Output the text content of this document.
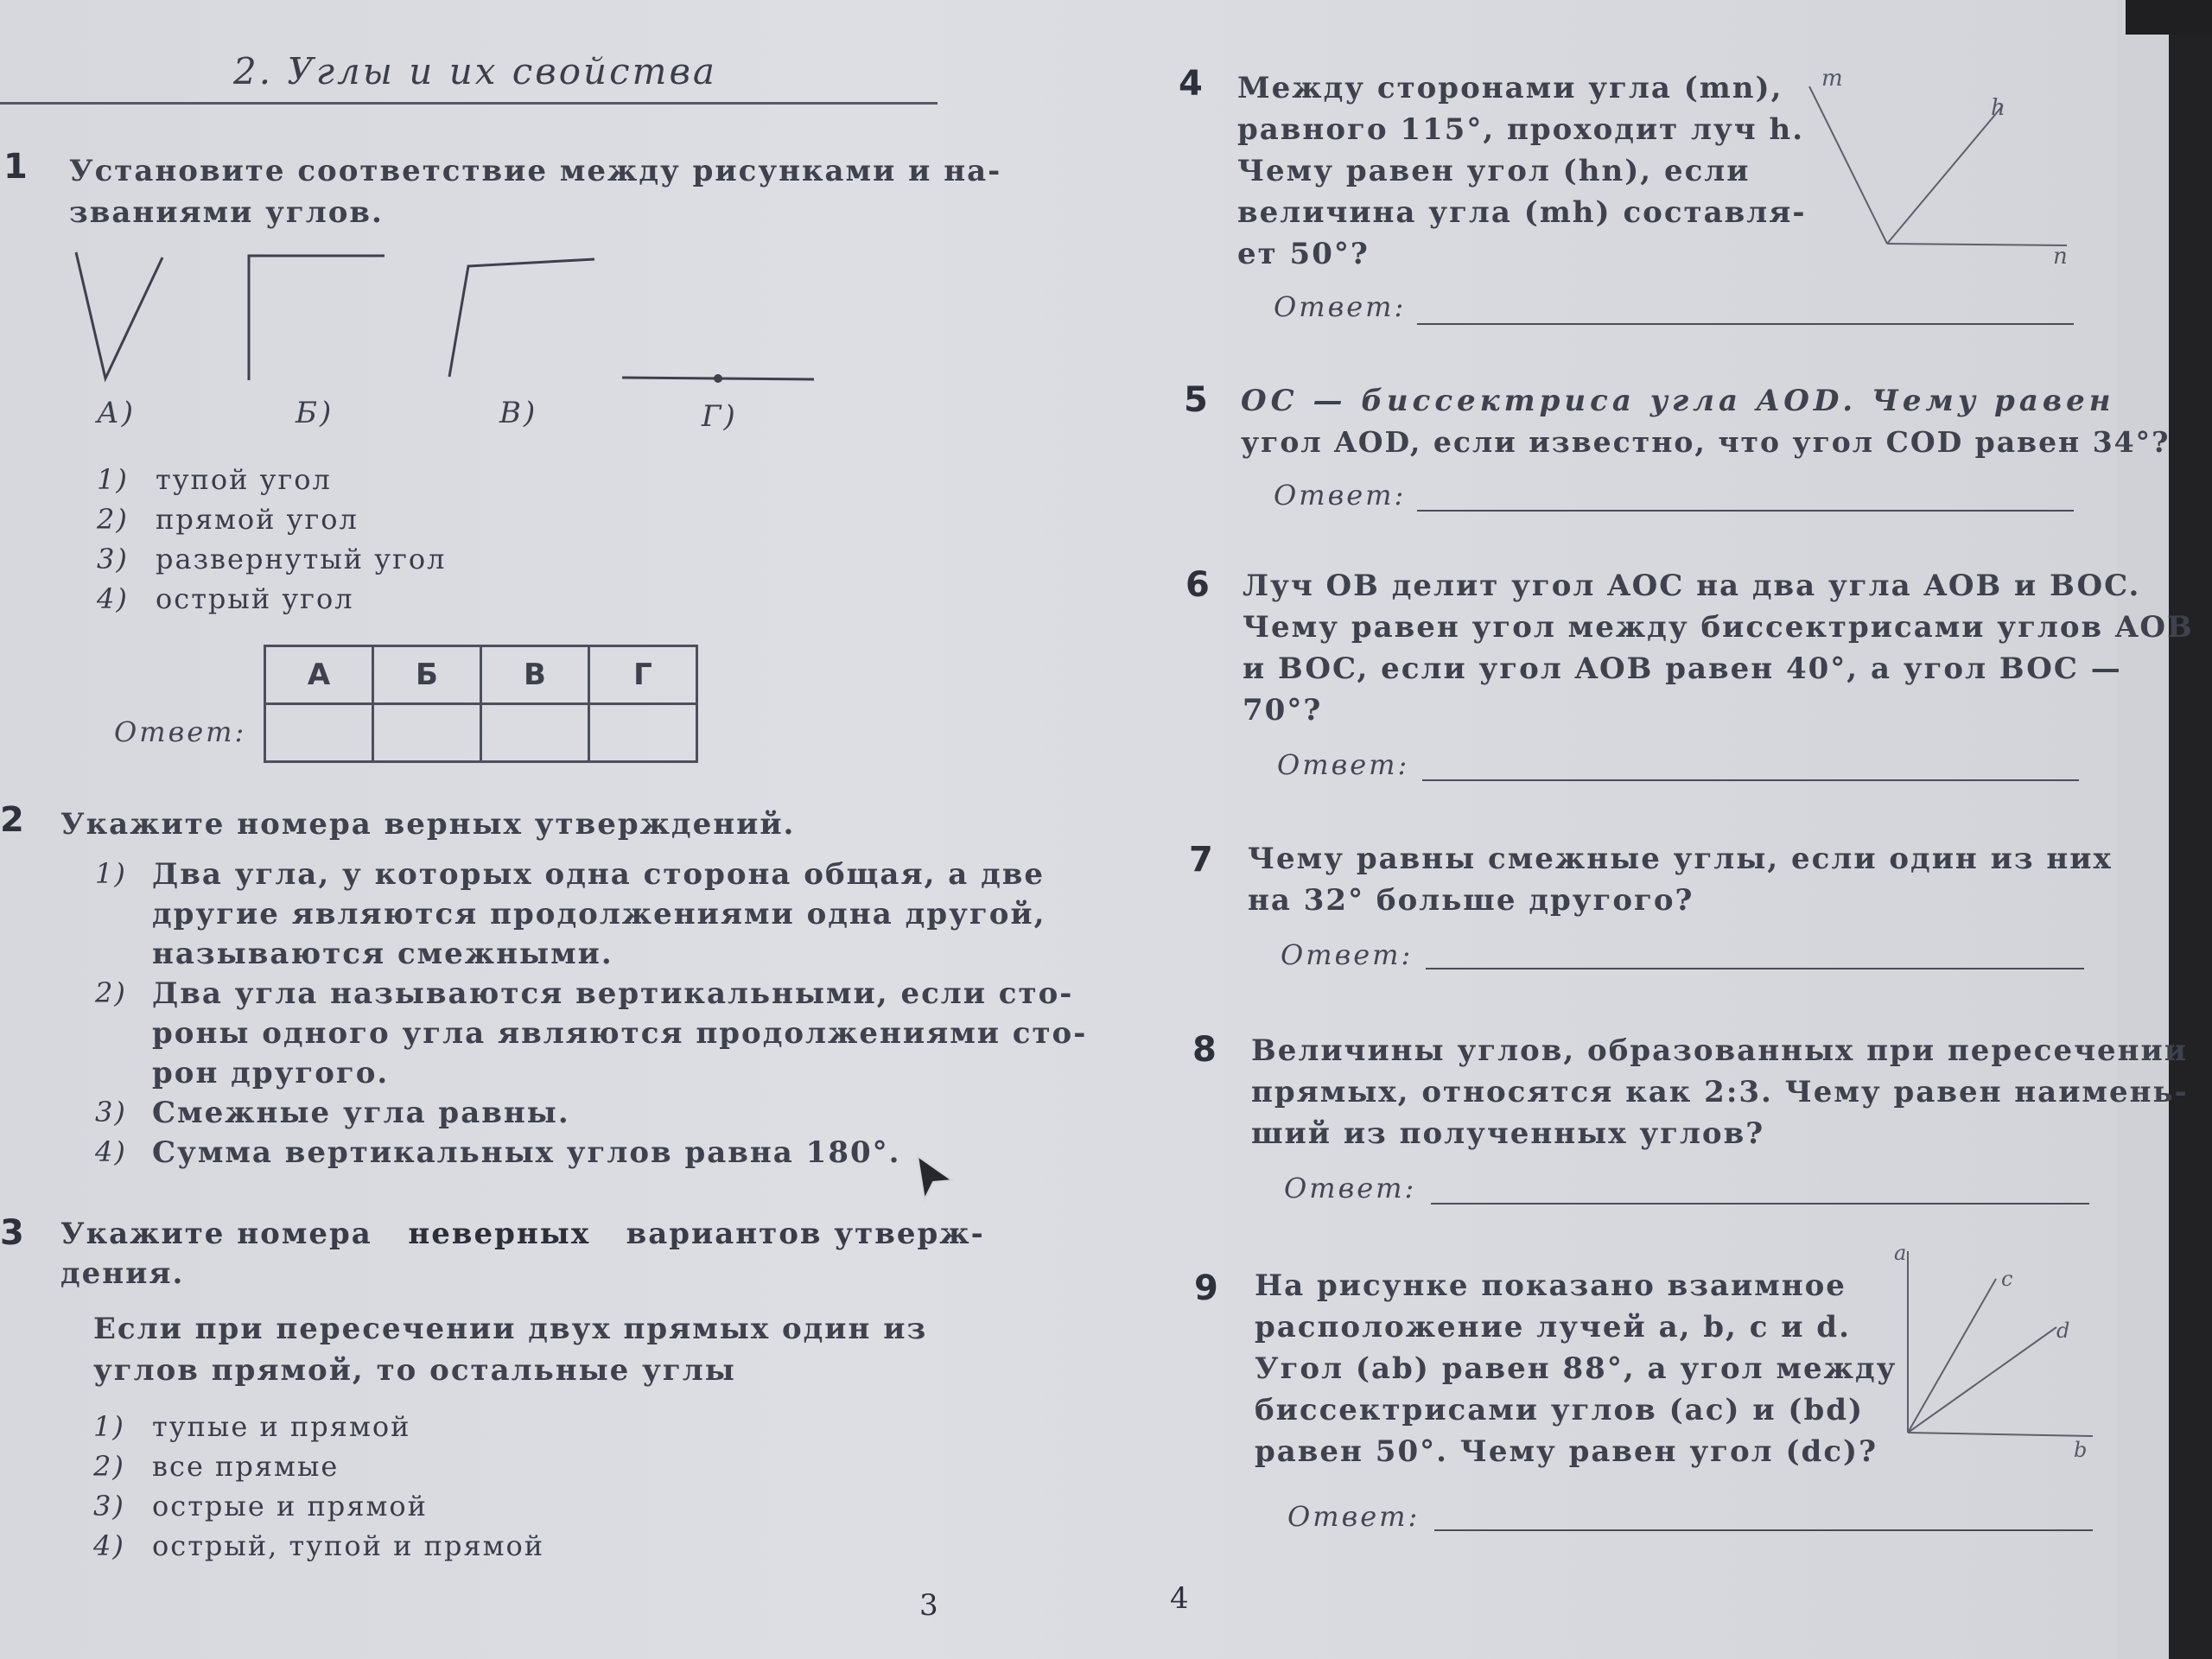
2. Углы и их свойства
1 Установите соответствие между рисунками и на-
званиями углов.
А)	Б)	В)	Г)
1) тупой угол
2) прямой угол
3) развернутый угол
4) острый угол
Ответ:
А	Б	В	Г

2 Укажите номера верных утверждений.
1) Два угла, у которых одна сторона общая, а две
другие являются продолжениями одна другой,
называются смежными.
2) Два угла называются вертикальными, если сто-
роны одного угла являются продолжениями сто-
рон другого.
3) Смежные угла равны.
4) Сумма вертикальных углов равна 180°.
3 Укажите номера неверных вариантов утверж-
дения.
Если при пересечении двух прямых один из
углов прямой, то остальные углы
1) тупые и прямой
2) все прямые
3) острые и прямой
4) острый, тупой и прямой
3	4
4 Между сторонами угла (mn),
равного 115°, проходит луч h.
Чему равен угол (hn), если
величина угла (mh) составля-
ет 50°?
m
h
n
Ответ:
5 OC — биссектриса угла AOD. Чему равен
угол AOD, если известно, что угол COD равен 34°?
Ответ:
6 Луч OB делит угол AOC на два угла AOB и BOC.
Чему равен угол между биссектрисами углов AOB
и BOC, если угол AOB равен 40°, а угол BOC —
70°?
Ответ:
7 Чему равны смежные углы, если один из них
на 32° больше другого?
Ответ:
8 Величины углов, образованных при пересечении
прямых, относятся как 2:3. Чему равен наимень-
ший из полученных углов?
Ответ:
9 На рисунке показано взаимное
расположение лучей a, b, c и d.
Угол (ab) равен 88°, а угол между
биссектрисами углов (ac) и (bd)
равен 50°. Чему равен угол (dc)?
a
c
d
b
Ответ:
